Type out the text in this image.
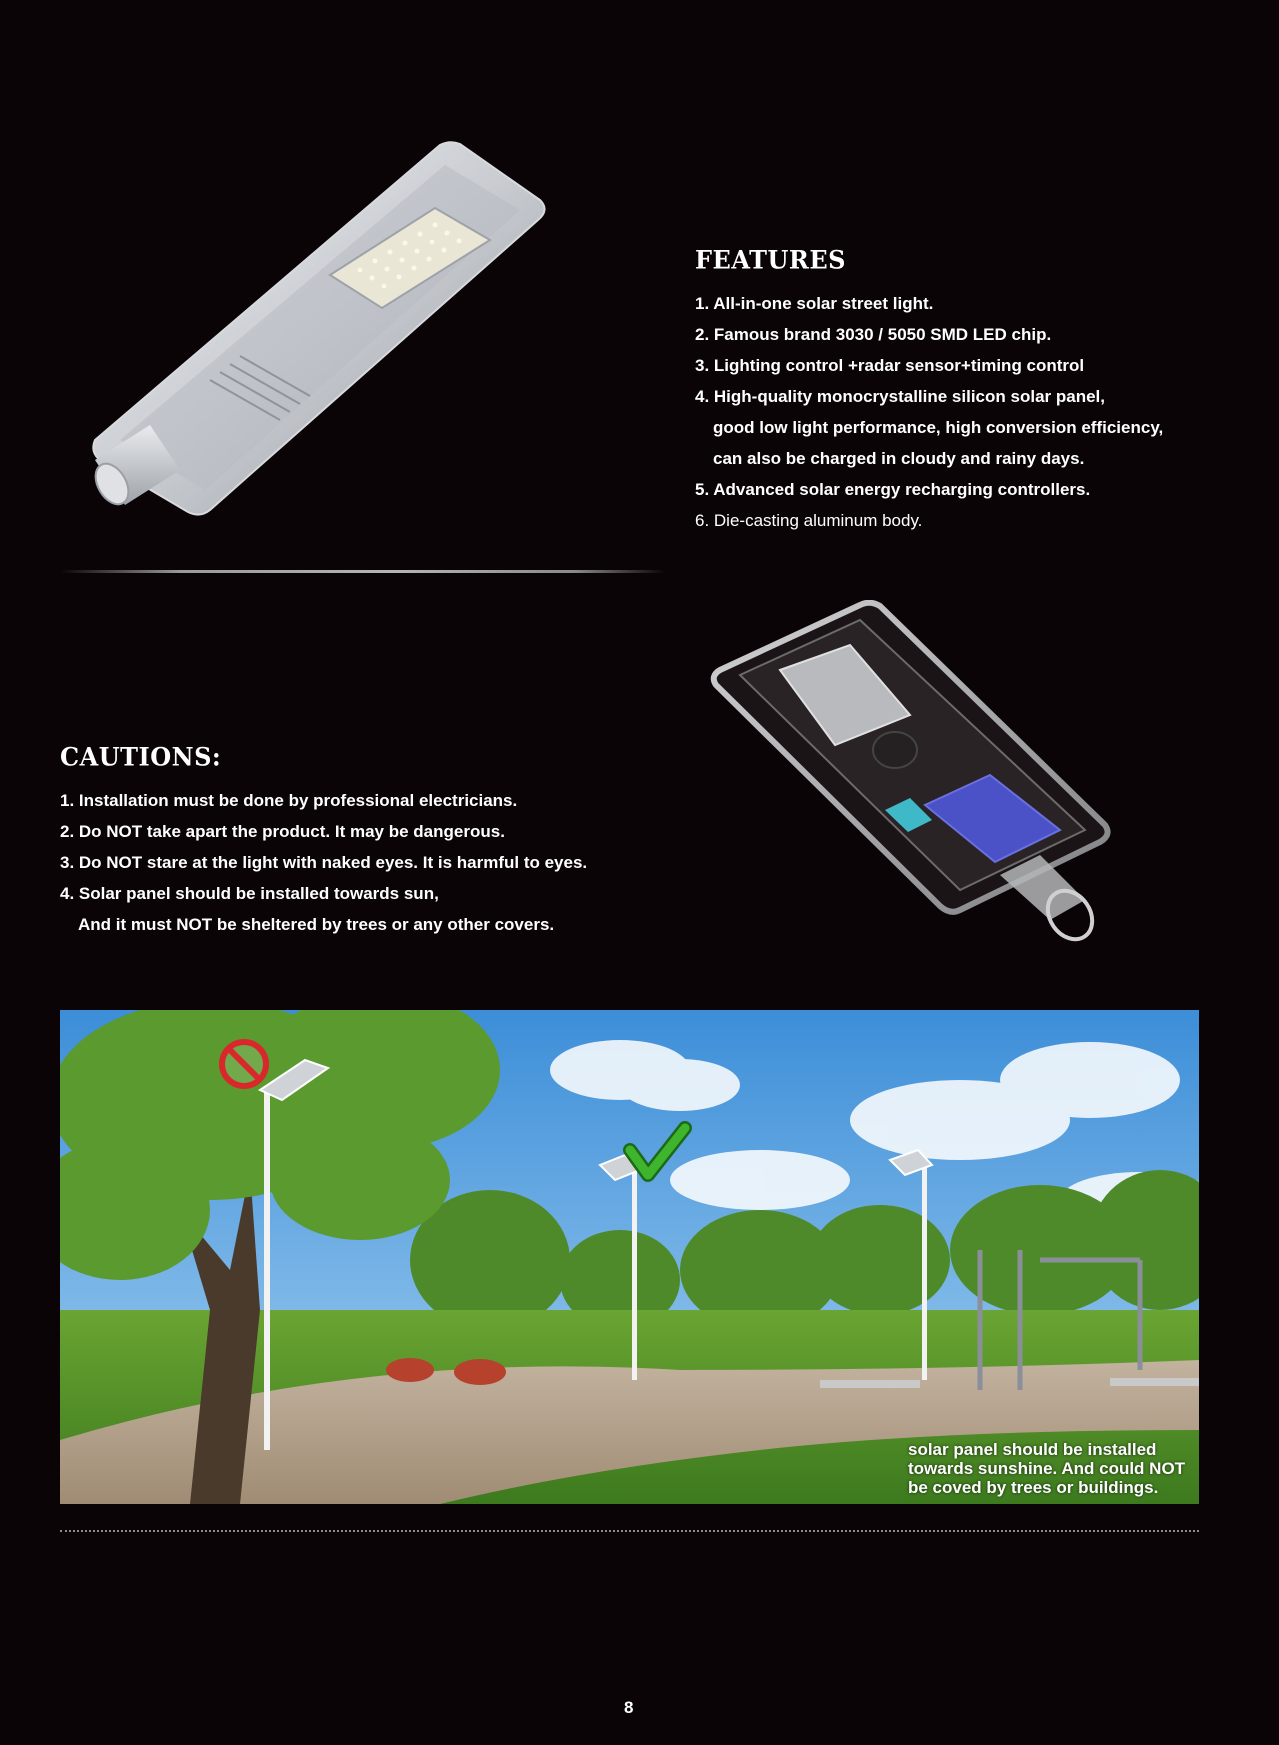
FEATURES
1. All-in-one solar street light.
2. Famous brand 3030 / 5050 SMD LED chip.
3. Lighting control +radar sensor+timing control
4. High-quality monocrystalline silicon solar panel,
good low light performance, high conversion efficiency,
can also be charged in cloudy and rainy days.
5. Advanced solar energy recharging controllers.
6. Die-casting aluminum body.
CAUTIONS:
1. Installation must be done by professional electricians.
2. Do NOT take apart the product. It may be dangerous.
3. Do NOT stare at the light with naked eyes. It is harmful to eyes.
4. Solar panel should be installed towards sun,
And it must NOT be sheltered by trees or any other covers.
solar panel should be installed
towards sunshine. And could NOT
be coved by trees or buildings.
8
